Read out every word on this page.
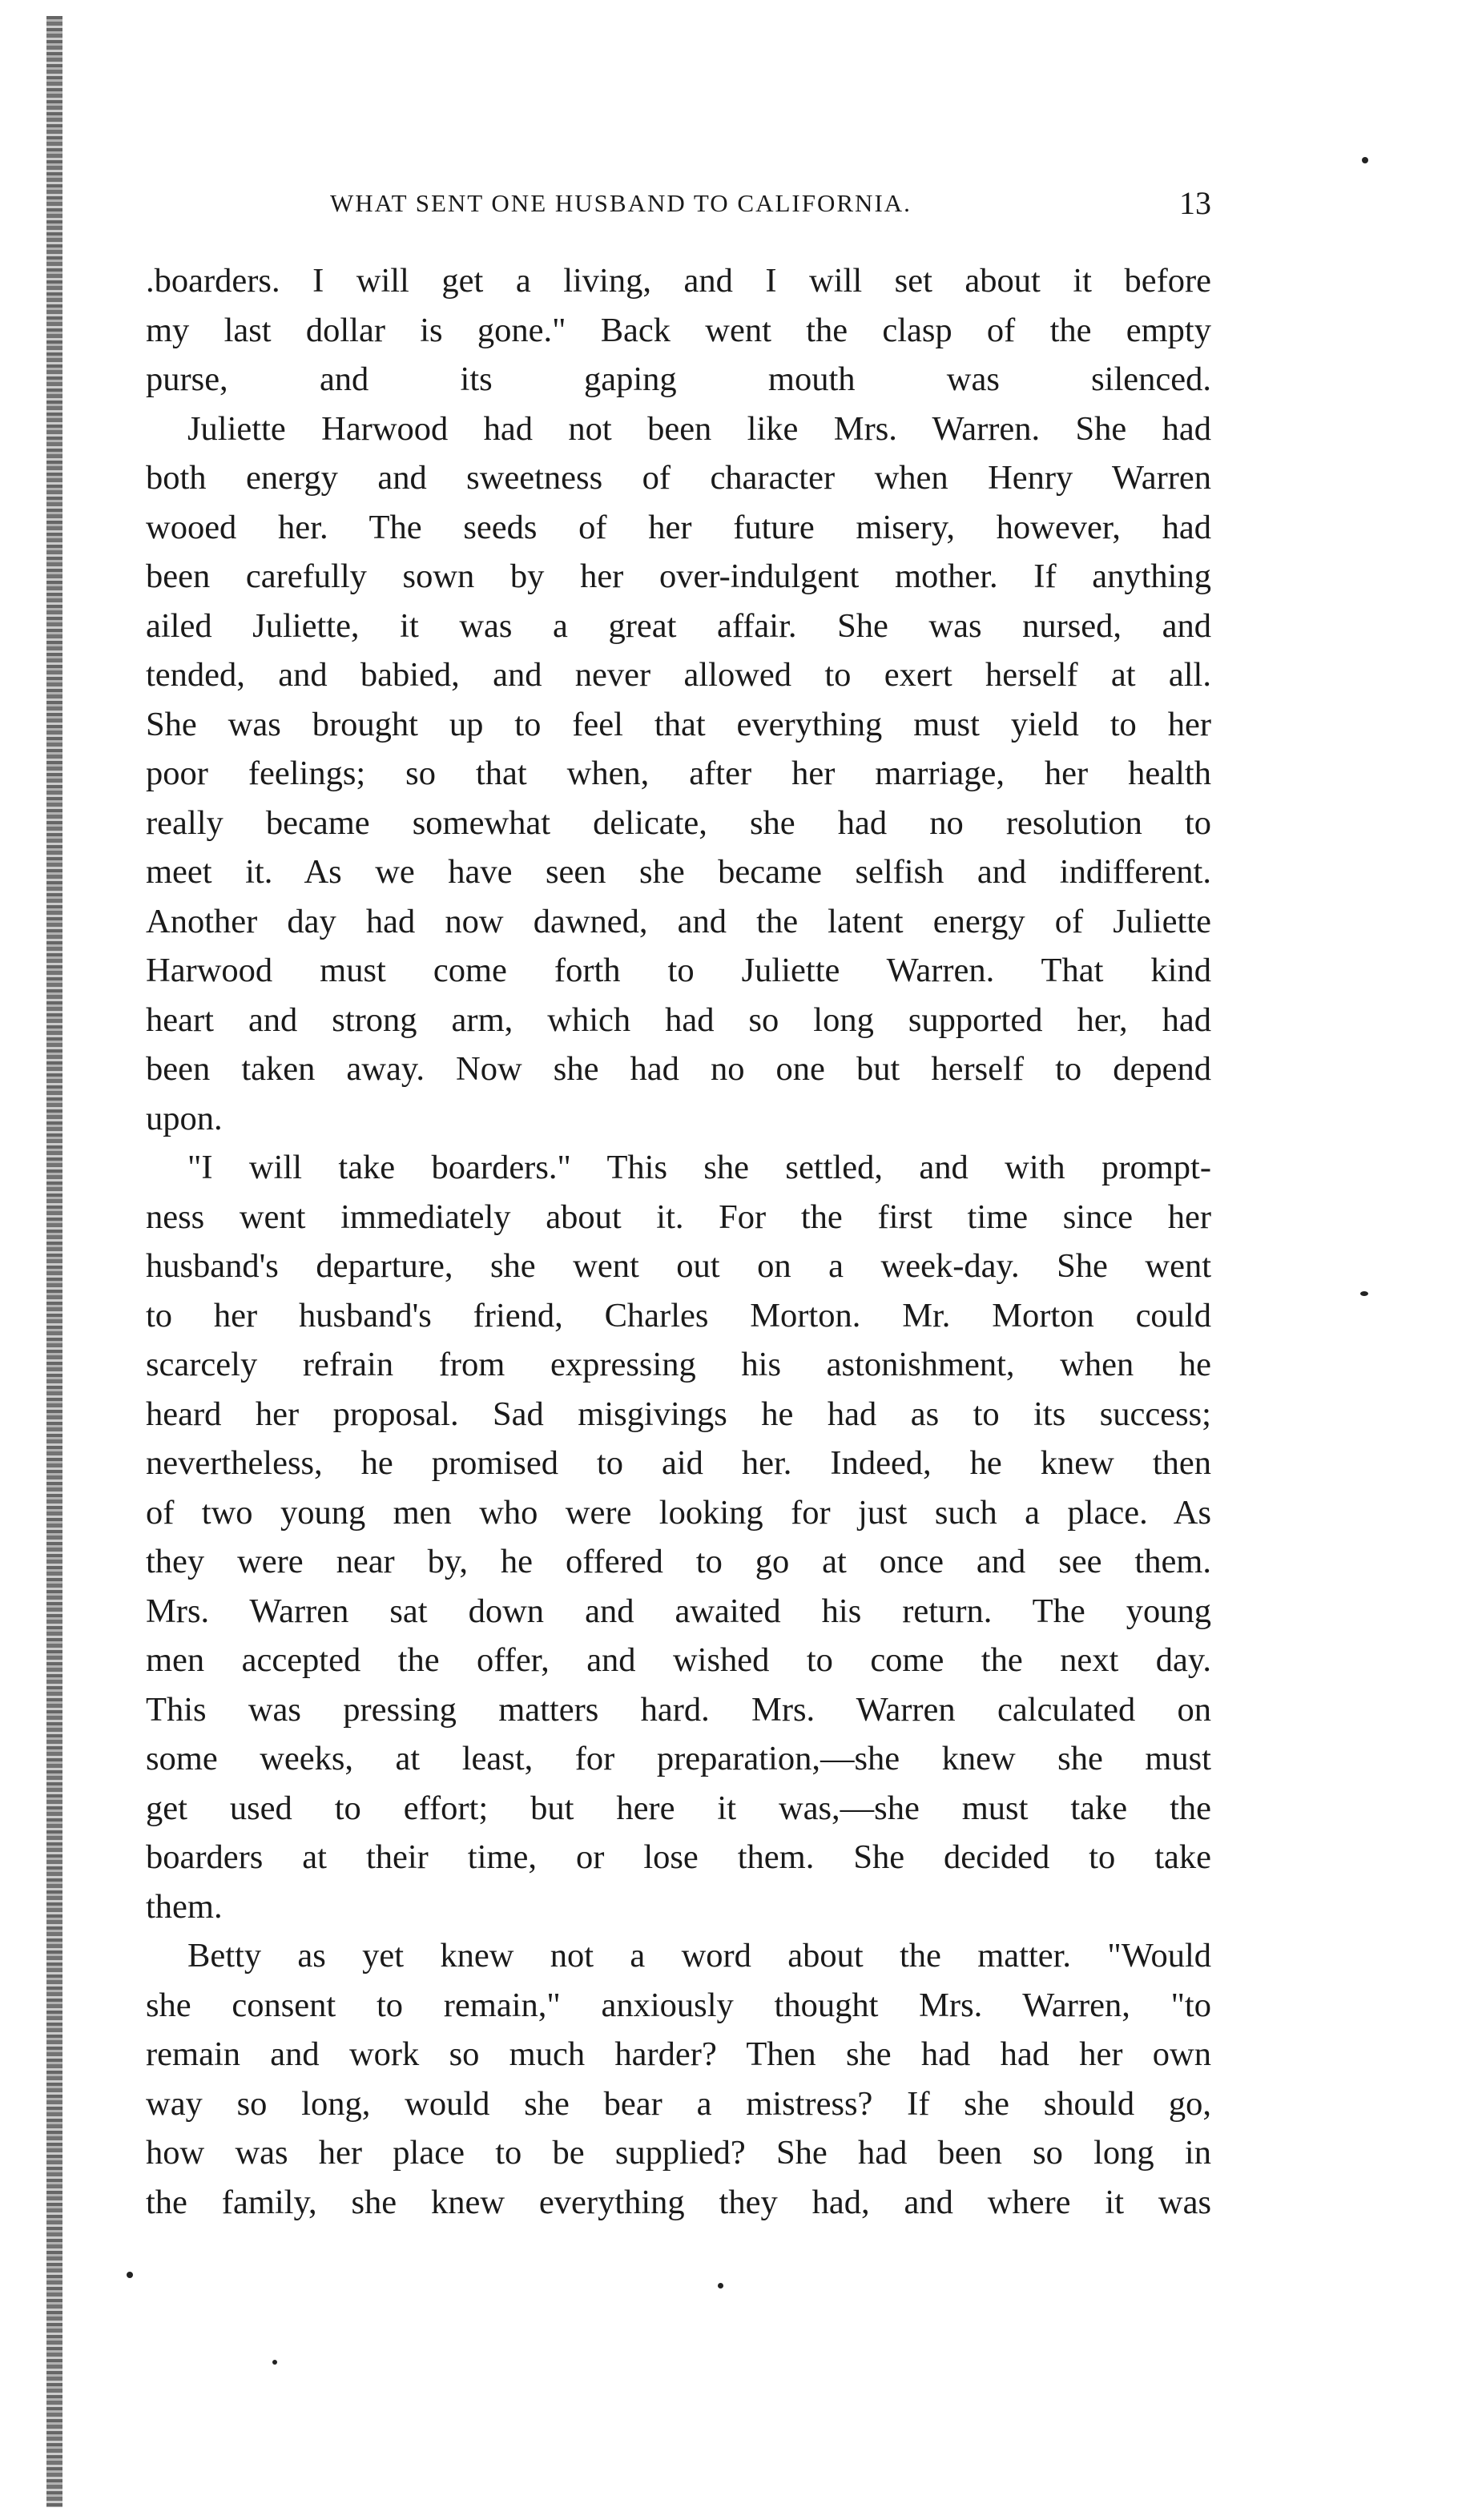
WHAT SENT ONE HUSBAND TO CALIFORNIA.	13

.boarders. I will get a living, and I will set about it before
my last dollar is gone." Back went the clasp of the empty
purse, and its gaping mouth was silenced.

Juliette Harwood had not been like Mrs. Warren. She had
both energy and sweetness of character when Henry Warren
wooed her. The seeds of her future misery, however, had
been carefully sown by her over-indulgent mother. If anything
ailed Juliette, it was a great affair. She was nursed, and
tended, and babied, and never allowed to exert herself at all.
She was brought up to feel that everything must yield to her
poor feelings; so that when, after her marriage, her health
really became somewhat delicate, she had no resolution to
meet it. As we have seen she became selfish and indifferent.
Another day had now dawned, and the latent energy of Juliette
Harwood must come forth to Juliette Warren. That kind
heart and strong arm, which had so long supported her, had
been taken away. Now she had no one but herself to depend
upon.

"I will take boarders." This she settled, and with prompt-
ness went immediately about it. For the first time since her
husband's departure, she went out on a week-day. She went
to her husband's friend, Charles Morton. Mr. Morton could
scarcely refrain from expressing his astonishment, when he
heard her proposal. Sad misgivings he had as to its success;
nevertheless, he promised to aid her. Indeed, he knew then
of two young men who were looking for just such a place. As
they were near by, he offered to go at once and see them.
Mrs. Warren sat down and awaited his return. The young
men accepted the offer, and wished to come the next day.
This was pressing matters hard. Mrs. Warren calculated on
some weeks, at least, for preparation,—she knew she must
get used to effort; but here it was,—she must take the
boarders at their time, or lose them. She decided to take
them.

Betty as yet knew not a word about the matter. "Would
she consent to remain," anxiously thought Mrs. Warren, "to
remain and work so much harder? Then she had had her own
way so long, would she bear a mistress? If she should go,
how was her place to be supplied? She had been so long in
the family, she knew everything they had, and where it was
